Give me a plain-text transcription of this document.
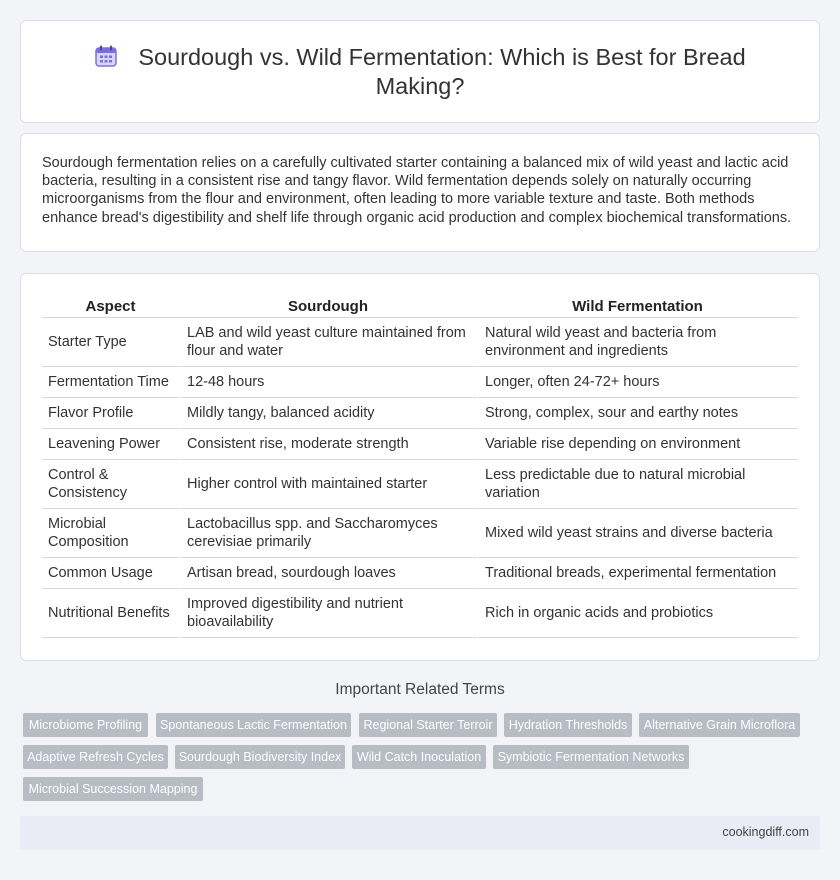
Sourdough vs. Wild Fermentation: Which is Best for Bread
Making?

Sourdough fermentation relies on a carefully cultivated starter containing a balanced mix of wild yeast and lactic acid bacteria, resulting in a consistent rise and tangy flavor. Wild fermentation depends solely on naturally occurring microorganisms from the flour and environment, often leading to more variable texture and taste. Both methods enhance bread's digestibility and shelf life through organic acid production and complex biochemical transformations.

Aspect	Sourdough	Wild Fermentation
Starter Type	LAB and wild yeast culture maintained from flour and water	Natural wild yeast and bacteria from environment and ingredients
Fermentation Time	12-48 hours	Longer, often 24-72+ hours
Flavor Profile	Mildly tangy, balanced acidity	Strong, complex, sour and earthy notes
Leavening Power	Consistent rise, moderate strength	Variable rise depending on environment
Control & Consistency	Higher control with maintained starter	Less predictable due to natural microbial variation
Microbial Composition	Lactobacillus spp. and Saccharomyces cerevisiae primarily	Mixed wild yeast strains and diverse bacteria
Common Usage	Artisan bread, sourdough loaves	Traditional breads, experimental fermentation
Nutritional Benefits	Improved digestibility and nutrient bioavailability	Rich in organic acids and probiotics
Important Related Terms
Microbiome Profiling	Spontaneous Lactic Fermentation	Regional Starter Terroir	Hydration Thresholds	Alternative Grain Microflora
Adaptive Refresh Cycles	Sourdough Biodiversity Index	Wild Catch Inoculation	Symbiotic Fermentation Networks
Microbial Succession Mapping
cookingdiff.com
